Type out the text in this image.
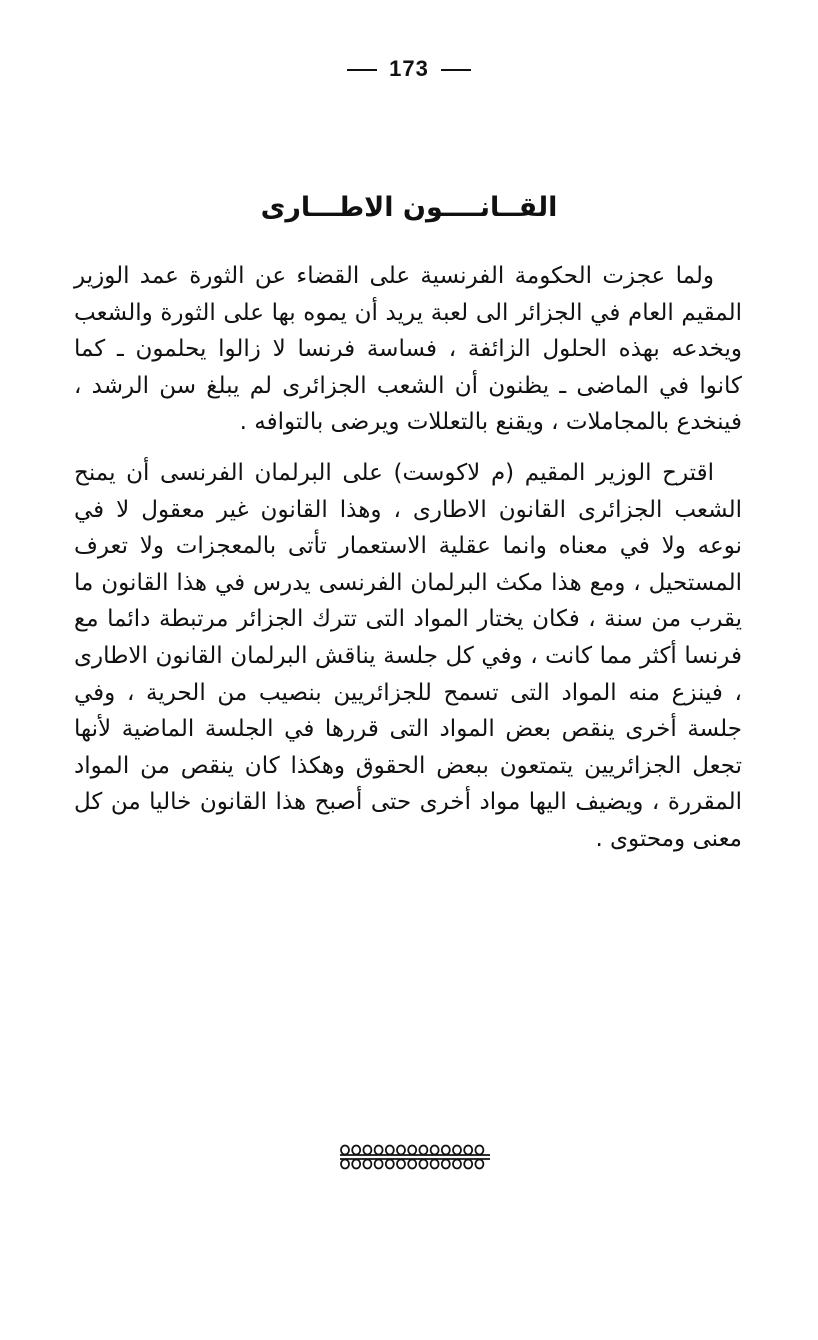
173
القــانــــون الاطـــارى

ولما عجزت الحكومة الفرنسية على القضاء عن الثورة عمد الوزير المقيم العام في الجزائر الى لعبة يريد أن يموه بها على الثورة والشعب ويخدعه بهذه الحلول الزائفة ، فساسة فرنسا لا زالوا يحلمون ـ كما كانوا في الماضى ـ يظنون أن الشعب الجزائرى لم يبلغ سن الرشد ، فينخدع بالمجاملات ، ويقنع بالتعللات ويرضى بالتوافه .

اقترح الوزير المقيم (م لاكوست) على البرلمان الفرنسى أن يمنح الشعب الجزائرى القانون الاطارى ، وهذا القانون غير معقول لا في نوعه ولا في معناه وانما عقلية الاستعمار تأتى بالمعجزات ولا تعرف المستحيل ، ومع هذا مكث البرلمان الفرنسى يدرس في هذا القانون ما يقرب من سنة ، فكان يختار المواد التى تترك الجزائر مرتبطة دائما مع فرنسا أكثر مما كانت ، وفي كل جلسة يناقش البرلمان القانون الاطارى ، فينزع منه المواد التى تسمح للجزائريين بنصيب من الحرية ، وفي جلسة أخرى ينقص بعض المواد التى قررها في الجلسة الماضية لأنها تجعل الجزائريين يتمتعون ببعض الحقوق وهكذا كان ينقص من المواد المقررة ، ويضيف اليها مواد أخرى حتى أصبح هذا القانون خاليا من كل معنى ومحتوى .
